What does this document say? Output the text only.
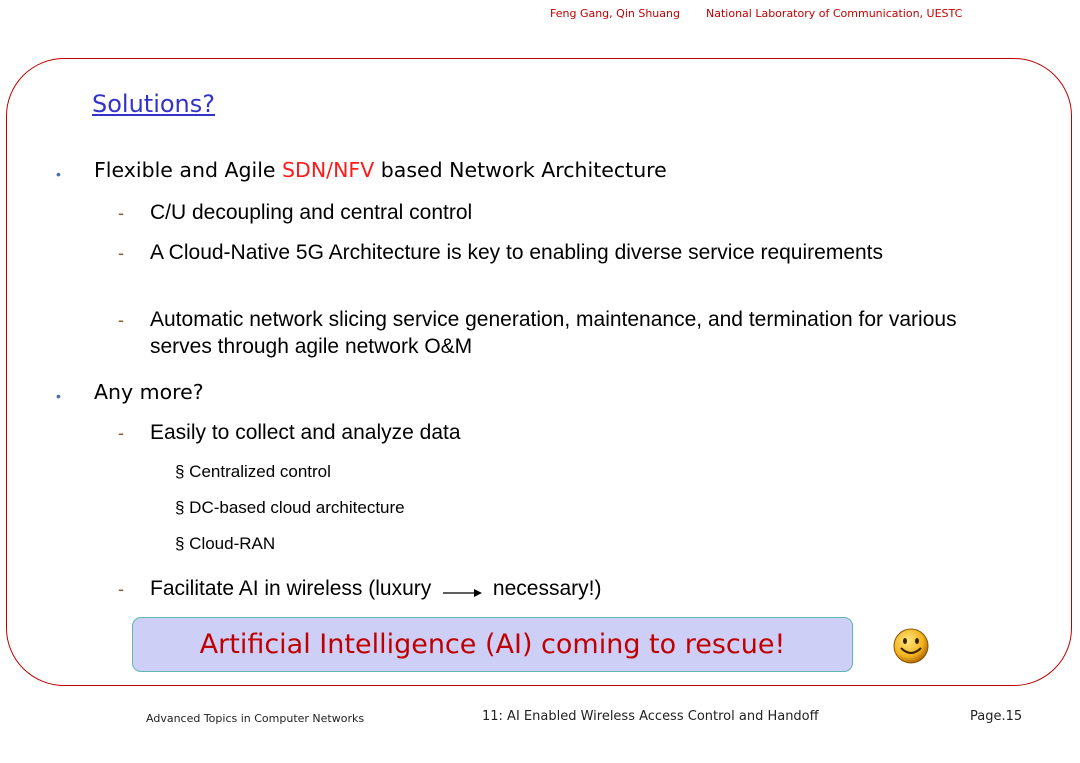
Feng Gang, Qin Shuang National Laboratory of Communication, UESTC
Solutions?
• Flexible and Agile SDN/NFV based Network Architecture
- C/U decoupling and central control
- A Cloud-Native 5G Architecture is key to enabling diverse service requirements
- Automatic network slicing service generation, maintenance, and termination for various serves through agile network O&M
• Any more?
- Easily to collect and analyze data
§ Centralized control
§ DC-based cloud architecture
§ Cloud-RAN
- Facilitate AI in wireless (luxury  necessary!)
Artificial Intelligence (AI) coming to rescue!
Advanced Topics in Computer Networks	11: AI Enabled Wireless Access Control and Handoff	Page.15
